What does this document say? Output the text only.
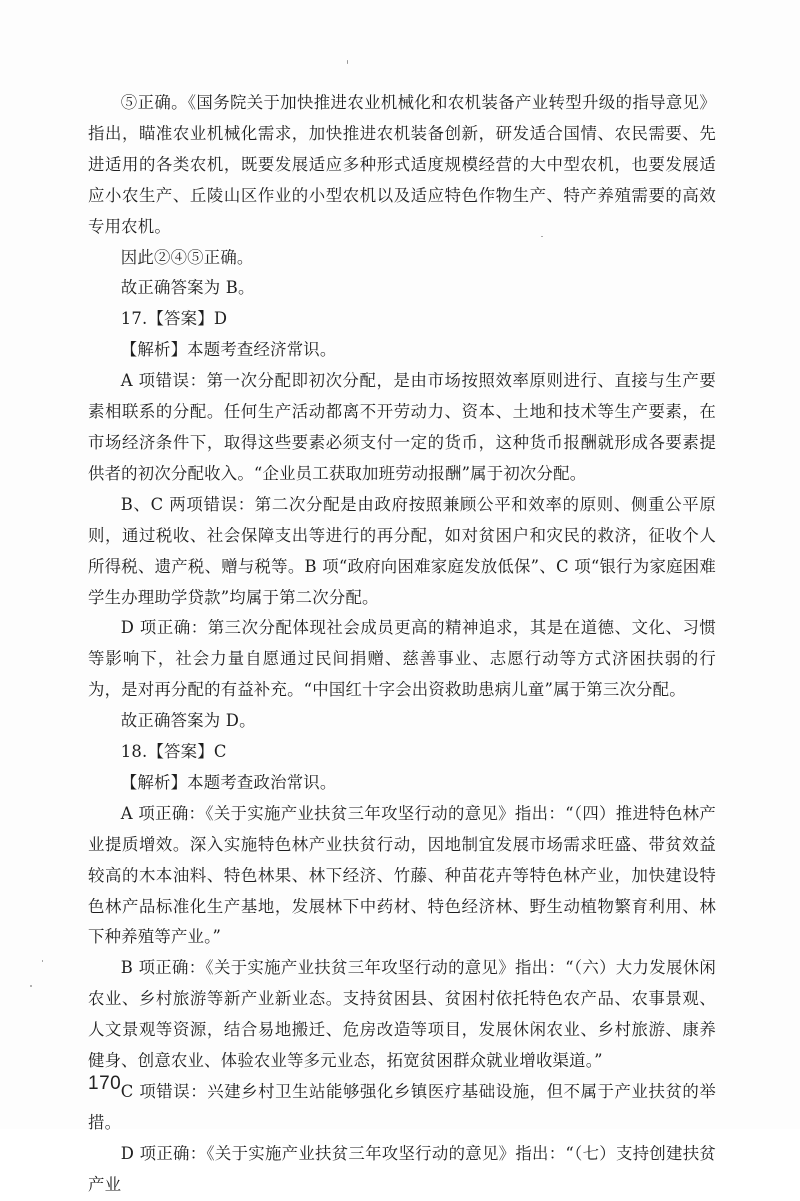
⑤正确。《国务院关于加快推进农业机械化和农机装备产业转型升级的指导意见》指出，瞄准农业机械化需求，加快推进农机装备创新，研发适合国情、农民需要、先进适用的各类农机，既要发展适应多种形式适度规模经营的大中型农机，也要发展适应小农生产、丘陵山区作业的小型农机以及适应特色作物生产、特产养殖需要的高效专用农机。

因此②④⑤正确。

故正确答案为 B。

17.【答案】D

【解析】本题考查经济常识。

A 项错误：第一次分配即初次分配，是由市场按照效率原则进行、直接与生产要素相联系的分配。任何生产活动都离不开劳动力、资本、土地和技术等生产要素，在市场经济条件下，取得这些要素必须支付一定的货币，这种货币报酬就形成各要素提供者的初次分配收入。“企业员工获取加班劳动报酬”属于初次分配。

B、C 两项错误：第二次分配是由政府按照兼顾公平和效率的原则、侧重公平原则，通过税收、社会保障支出等进行的再分配，如对贫困户和灾民的救济，征收个人所得税、遗产税、赠与税等。B 项“政府向困难家庭发放低保”、C 项“银行为家庭困难学生办理助学贷款”均属于第二次分配。

D 项正确：第三次分配体现社会成员更高的精神追求，其是在道德、文化、习惯等影响下，社会力量自愿通过民间捐赠、慈善事业、志愿行动等方式济困扶弱的行为，是对再分配的有益补充。“中国红十字会出资救助患病儿童”属于第三次分配。

故正确答案为 D。

18.【答案】C

【解析】本题考查政治常识。

A 项正确：《关于实施产业扶贫三年攻坚行动的意见》指出：“（四）推进特色林产业提质增效。深入实施特色林产业扶贫行动，因地制宜发展市场需求旺盛、带贫效益较高的木本油料、特色林果、林下经济、竹藤、种苗花卉等特色林产业，加快建设特色林产品标准化生产基地，发展林下中药材、特色经济林、野生动植物繁育利用、林下种养殖等产业。”

B 项正确：《关于实施产业扶贫三年攻坚行动的意见》指出：“（六）大力发展休闲农业、乡村旅游等新产业新业态。支持贫困县、贫困村依托特色农产品、农事景观、人文景观等资源，结合易地搬迁、危房改造等项目，发展休闲农业、乡村旅游、康养健身、创意农业、体验农业等多元业态，拓宽贫困群众就业增收渠道。”

C 项错误：兴建乡村卫生站能够强化乡镇医疗基础设施，但不属于产业扶贫的举措。

D 项正确：《关于实施产业扶贫三年攻坚行动的意见》指出：“（七）支持创建扶贫产业

170
